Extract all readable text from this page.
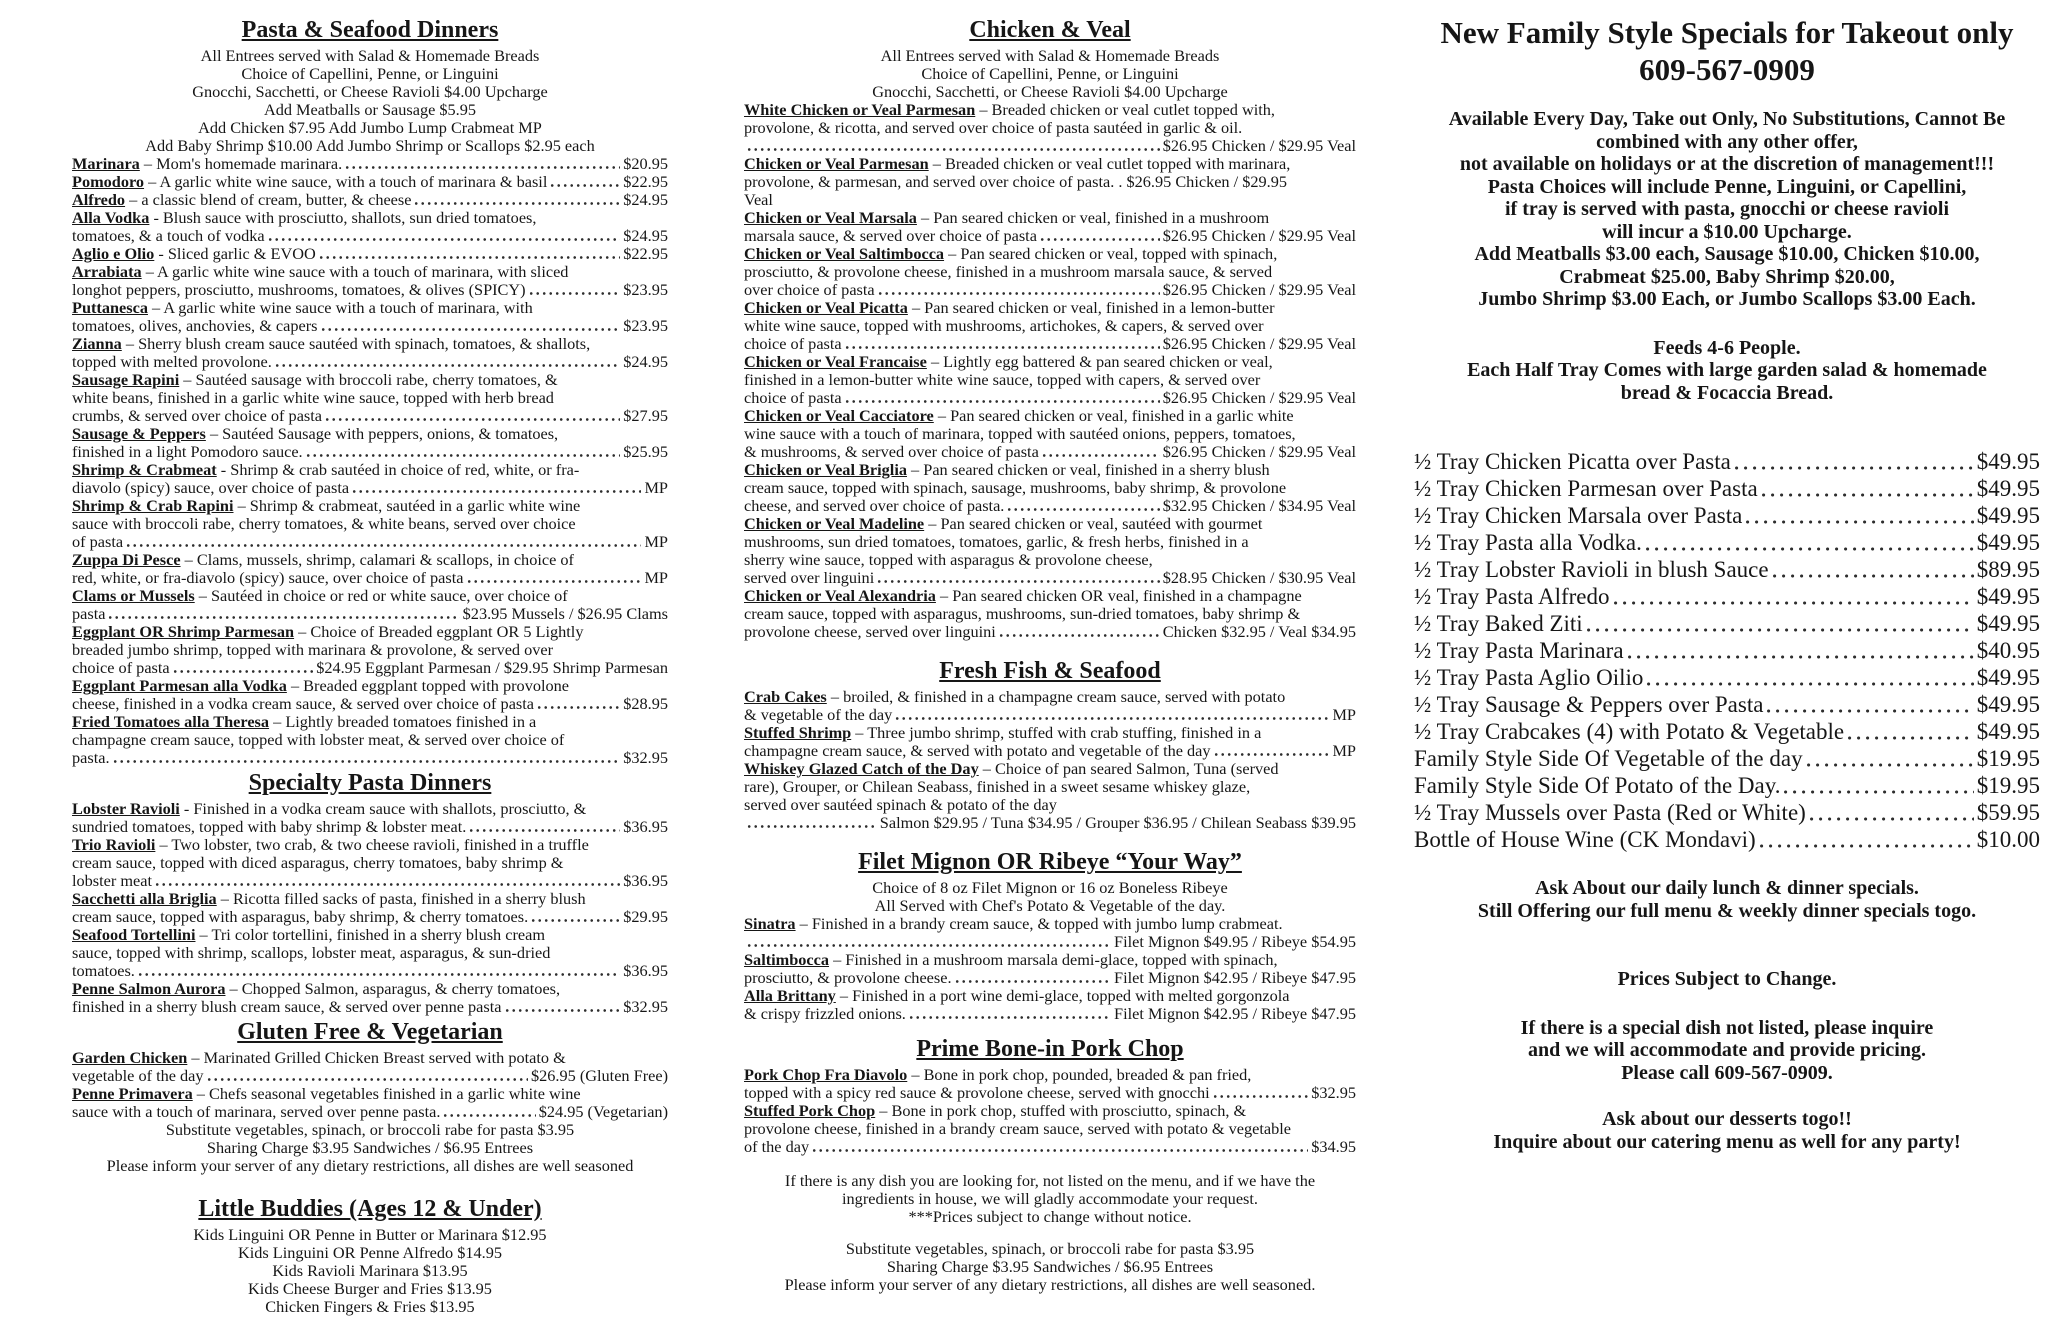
Pasta & Seafood Dinners
All Entrees served with Salad & Homemade Breads
Choice of Capellini, Penne, or Linguini
Gnocchi, Sacchetti, or Cheese Ravioli $4.00 Upcharge
Add Meatballs or Sausage $5.95
Add Chicken $7.95 Add Jumbo Lump Crabmeat MP
Add Baby Shrimp $10.00 Add Jumbo Shrimp or Scallops $2.95 each
Marinara – Mom's homemade marinara.	$20.95
Pomodoro – A garlic white wine sauce, with a touch of marinara & basil	$22.95
Alfredo – a classic blend of cream, butter, & cheese	$24.95
Alla Vodka - Blush sauce with prosciutto, shallots, sun dried tomatoes,
tomatoes, & a touch of vodka	$24.95
Aglio e Olio - Sliced garlic & EVOO	$22.95
Arrabiata – A garlic white wine sauce with a touch of marinara, with sliced
longhot peppers, prosciutto, mushrooms, tomatoes, & olives (SPICY)	$23.95
Puttanesca – A garlic white wine sauce with a touch of marinara, with
tomatoes, olives, anchovies, & capers	$23.95
Zianna – Sherry blush cream sauce sautéed with spinach, tomatoes, & shallots,
topped with melted provolone.	$24.95
Sausage Rapini – Sautéed sausage with broccoli rabe, cherry tomatoes, &
white beans, finished in a garlic white wine sauce, topped with herb bread
crumbs, & served over choice of pasta	$27.95
Sausage & Peppers – Sautéed Sausage with peppers, onions, & tomatoes,
finished in a light Pomodoro sauce.	$25.95
Shrimp & Crabmeat - Shrimp & crab sautéed in choice of red, white, or fra-
diavolo (spicy) sauce, over choice of pasta	MP
Shrimp & Crab Rapini – Shrimp & crabmeat, sautéed in a garlic white wine
sauce with broccoli rabe, cherry tomatoes, & white beans, served over choice
of pasta	MP
Zuppa Di Pesce – Clams, mussels, shrimp, calamari & scallops, in choice of
red, white, or fra-diavolo (spicy) sauce, over choice of pasta	MP
Clams or Mussels – Sautéed in choice or red or white sauce, over choice of
pasta	$23.95 Mussels / $26.95 Clams
Eggplant OR Shrimp Parmesan – Choice of Breaded eggplant OR 5 Lightly
breaded jumbo shrimp, topped with marinara & provolone, & served over
choice of pasta	$24.95 Eggplant Parmesan / $29.95 Shrimp Parmesan
Eggplant Parmesan alla Vodka – Breaded eggplant topped with provolone
cheese, finished in a vodka cream sauce, & served over choice of pasta	$28.95
Fried Tomatoes alla Theresa – Lightly breaded tomatoes finished in a
champagne cream sauce, topped with lobster meat, & served over choice of
pasta.	$32.95
Specialty Pasta Dinners
Lobster Ravioli - Finished in a vodka cream sauce with shallots, prosciutto, &
sundried tomatoes, topped with baby shrimp & lobster meat.	$36.95
Trio Ravioli – Two lobster, two crab, & two cheese ravioli, finished in a truffle
cream sauce, topped with diced asparagus, cherry tomatoes, baby shrimp &
lobster meat	$36.95
Sacchetti alla Briglia – Ricotta filled sacks of pasta, finished in a sherry blush
cream sauce, topped with asparagus, baby shrimp, & cherry tomatoes.	$29.95
Seafood Tortellini – Tri color tortellini, finished in a sherry blush cream
sauce, topped with shrimp, scallops, lobster meat, asparagus, & sun-dried
tomatoes.	$36.95
Penne Salmon Aurora – Chopped Salmon, asparagus, & cherry tomatoes,
finished in a sherry blush cream sauce, & served over penne pasta	$32.95
Gluten Free & Vegetarian
Garden Chicken – Marinated Grilled Chicken Breast served with potato &
vegetable of the day	$26.95 (Gluten Free)
Penne Primavera – Chefs seasonal vegetables finished in a garlic white wine
sauce with a touch of marinara, served over penne pasta.	$24.95 (Vegetarian)
Substitute vegetables, spinach, or broccoli rabe for pasta $3.95
Sharing Charge $3.95 Sandwiches / $6.95 Entrees
Please inform your server of any dietary restrictions, all dishes are well seasoned
Little Buddies (Ages 12 & Under)
Kids Linguini OR Penne in Butter or Marinara $12.95
Kids Linguini OR Penne Alfredo $14.95
Kids Ravioli Marinara $13.95
Kids Cheese Burger and Fries $13.95
Chicken Fingers & Fries $13.95
Chicken & Veal
All Entrees served with Salad & Homemade Breads
Choice of Capellini, Penne, or Linguini
Gnocchi, Sacchetti, or Cheese Ravioli $4.00 Upcharge
White Chicken or Veal Parmesan – Breaded chicken or veal cutlet topped with,
provolone, & ricotta, and served over choice of pasta sautéed in garlic & oil.
$26.95 Chicken / $29.95 Veal
Chicken or Veal Parmesan – Breaded chicken or veal cutlet topped with marinara,
provolone, & parmesan, and served over choice of pasta. . $26.95 Chicken / $29.95
Veal
Chicken or Veal Marsala – Pan seared chicken or veal, finished in a mushroom
marsala sauce, & served over choice of pasta	$26.95 Chicken / $29.95 Veal
Chicken or Veal Saltimbocca – Pan seared chicken or veal, topped with spinach,
prosciutto, & provolone cheese, finished in a mushroom marsala sauce, & served
over choice of pasta	$26.95 Chicken / $29.95 Veal
Chicken or Veal Picatta – Pan seared chicken or veal, finished in a lemon-butter
white wine sauce, topped with mushrooms, artichokes, & capers, & served over
choice of pasta	$26.95 Chicken / $29.95 Veal
Chicken or Veal Francaise – Lightly egg battered & pan seared chicken or veal,
finished in a lemon-butter white wine sauce, topped with capers, & served over
choice of pasta	$26.95 Chicken / $29.95 Veal
Chicken or Veal Cacciatore – Pan seared chicken or veal, finished in a garlic white
wine sauce with a touch of marinara, topped with sautéed onions, peppers, tomatoes,
& mushrooms, & served over choice of pasta	$26.95 Chicken / $29.95 Veal
Chicken or Veal Briglia – Pan seared chicken or veal, finished in a sherry blush
cream sauce, topped with spinach, sausage, mushrooms, baby shrimp, & provolone
cheese, and served over choice of pasta.	$32.95 Chicken / $34.95 Veal
Chicken or Veal Madeline – Pan seared chicken or veal, sautéed with gourmet
mushrooms, sun dried tomatoes, tomatoes, garlic, & fresh herbs, finished in a
sherry wine sauce, topped with asparagus & provolone cheese,
served over linguini	$28.95 Chicken / $30.95 Veal
Chicken or Veal Alexandria – Pan seared chicken OR veal, finished in a champagne
cream sauce, topped with asparagus, mushrooms, sun-dried tomatoes, baby shrimp &
provolone cheese, served over linguini	Chicken $32.95 / Veal $34.95
Fresh Fish & Seafood
Crab Cakes – broiled, & finished in a champagne cream sauce, served with potato
& vegetable of the day	MP
Stuffed Shrimp – Three jumbo shrimp, stuffed with crab stuffing, finished in a
champagne cream sauce, & served with potato and vegetable of the day	MP
Whiskey Glazed Catch of the Day – Choice of pan seared Salmon, Tuna (served
rare), Grouper, or Chilean Seabass, finished in a sweet sesame whiskey glaze,
served over sautéed spinach & potato of the day
Salmon $29.95 / Tuna $34.95 / Grouper $36.95 / Chilean Seabass $39.95
Filet Mignon OR Ribeye “Your Way”
Choice of 8 oz Filet Mignon or 16 oz Boneless Ribeye
All Served with Chef's Potato & Vegetable of the day.
Sinatra – Finished in a brandy cream sauce, & topped with jumbo lump crabmeat.
Filet Mignon $49.95 / Ribeye $54.95
Saltimbocca – Finished in a mushroom marsala demi-glace, topped with spinach,
prosciutto, & provolone cheese.	Filet Mignon $42.95 / Ribeye $47.95
Alla Brittany – Finished in a port wine demi-glace, topped with melted gorgonzola
& crispy frizzled onions.	Filet Mignon $42.95 / Ribeye $47.95
Prime Bone-in Pork Chop
Pork Chop Fra Diavolo – Bone in pork chop, pounded, breaded & pan fried,
topped with a spicy red sauce & provolone cheese, served with gnocchi	$32.95
Stuffed Pork Chop – Bone in pork chop, stuffed with prosciutto, spinach, &
provolone cheese, finished in a brandy cream sauce, served with potato & vegetable
of the day	$34.95
If there is any dish you are looking for, not listed on the menu, and if we have the
ingredients in house, we will gladly accommodate your request.
***Prices subject to change without notice.
Substitute vegetables, spinach, or broccoli rabe for pasta $3.95
Sharing Charge $3.95 Sandwiches / $6.95 Entrees
Please inform your server of any dietary restrictions, all dishes are well seasoned.
New Family Style Specials for Takeout only
609-567-0909
Available Every Day, Take out Only, No Substitutions, Cannot Be
combined with any other offer,
not available on holidays or at the discretion of management!!!
Pasta Choices will include Penne, Linguini, or Capellini,
if tray is served with pasta, gnocchi or cheese ravioli
will incur a $10.00 Upcharge.
Add Meatballs $3.00 each, Sausage $10.00, Chicken $10.00,
Crabmeat $25.00, Baby Shrimp $20.00,
Jumbo Shrimp $3.00 Each, or Jumbo Scallops $3.00 Each.
Feeds 4-6 People.
Each Half Tray Comes with large garden salad & homemade
bread & Focaccia Bread.
½ Tray Chicken Picatta over Pasta	$49.95
½ Tray Chicken Parmesan over Pasta	$49.95
½ Tray Chicken Marsala over Pasta	$49.95
½ Tray Pasta alla Vodka.	$49.95
½ Tray Lobster Ravioli in blush Sauce	$89.95
½ Tray Pasta Alfredo	$49.95
½ Tray Baked Ziti	$49.95
½ Tray Pasta Marinara	$40.95
½ Tray Pasta Aglio Oilio	$49.95
½ Tray Sausage & Peppers over Pasta	$49.95
½ Tray Crabcakes (4) with Potato & Vegetable	$49.95
Family Style Side Of Vegetable of the day	$19.95
Family Style Side Of Potato of the Day.	$19.95
½ Tray Mussels over Pasta (Red or White)	$59.95
Bottle of House Wine (CK Mondavi)	$10.00
Ask About our daily lunch & dinner specials.
Still Offering our full menu & weekly dinner specials togo.
Prices Subject to Change.
If there is a special dish not listed, please inquire
and we will accommodate and provide pricing.
Please call 609-567-0909.
Ask about our desserts togo!!
Inquire about our catering menu as well for any party!
